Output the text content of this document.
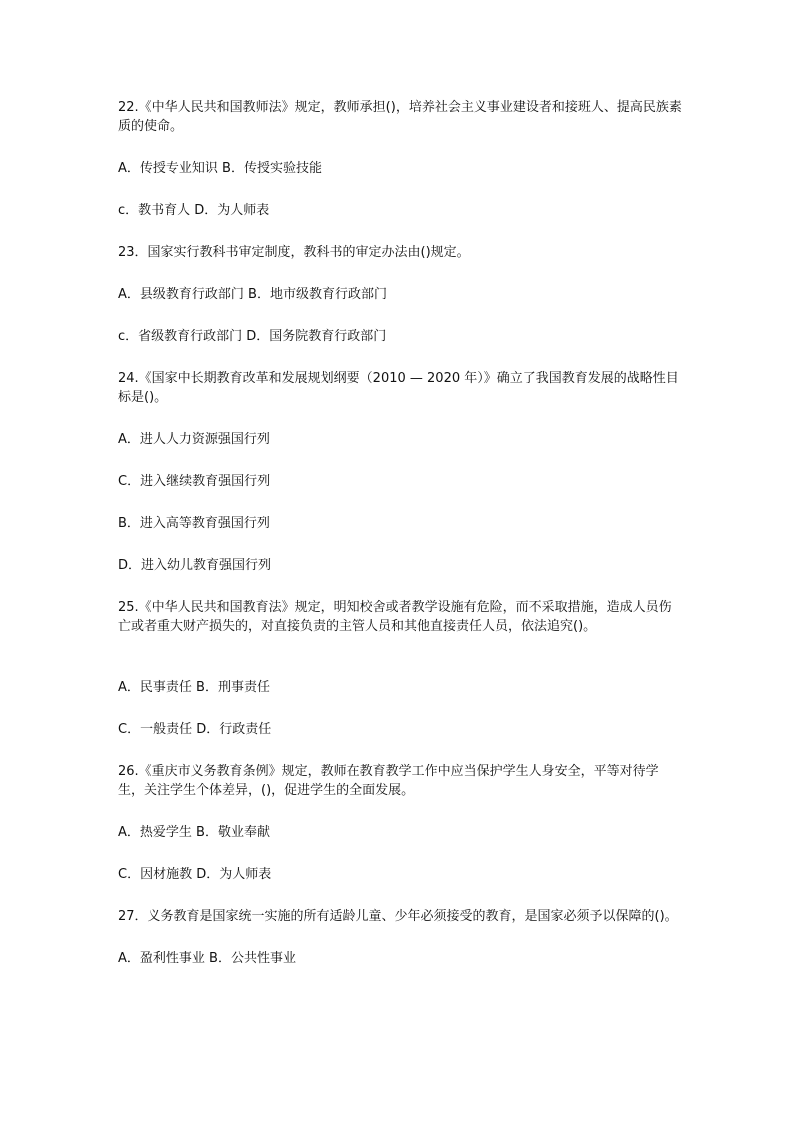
22.《中华人民共和国教师法》规定，教师承担()，培养社会主义事业建设者和接班人、提高民族素质的使命。

A．传授专业知识 B．传授实验技能

c．教书育人 D．为人师表

23．国家实行教科书审定制度，教科书的审定办法由()规定。

A．县级教育行政部门 B．地市级教育行政部门

c．省级教育行政部门 D．国务院教育行政部门

24.《国家中长期教育改革和发展规划纲要（2010 — 2020 年）》确立了我国教育发展的战略性目标是()。

A．进人人力资源强国行列

C．进入继续教育强国行列

B．进入高等教育强国行列

D．进入幼儿教育强国行列

25.《中华人民共和国教育法》规定，明知校舍或者教学设施有危险，而不采取措施，造成人员伤亡或者重大财产损失的，对直接负责的主管人员和其他直接责任人员，依法追究()。

A．民事责任 B．刑事责任

C．一般责任 D．行政责任

26.《重庆市义务教育条例》规定，教师在教育教学工作中应当保护学生人身安全，平等对待学生，关注学生个体差异，()，促进学生的全面发展。

A．热爱学生 B．敬业奉献

C．因材施教 D．为人师表

27．义务教育是国家统一实施的所有适龄儿童、少年必须接受的教育，是国家必须予以保障的()。

A．盈利性事业 B．公共性事业
